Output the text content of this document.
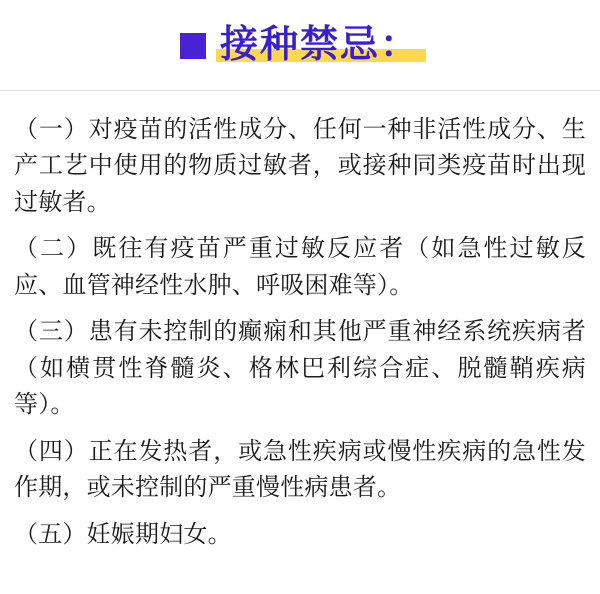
接种禁忌：

（一）对疫苗的活性成分、任何一种非活性成分、生产工艺中使用的物质过敏者，或接种同类疫苗时出现过敏者。

（二）既往有疫苗严重过敏反应者（如急性过敏反应、血管神经性水肿、呼吸困难等）。

（三）患有未控制的癫痫和其他严重神经系统疾病者（如横贯性脊髓炎、格林巴利综合症、脱髓鞘疾病等）。

（四）正在发热者，或急性疾病或慢性疾病的急性发作期，或未控制的严重慢性病患者。

（五）妊娠期妇女。
